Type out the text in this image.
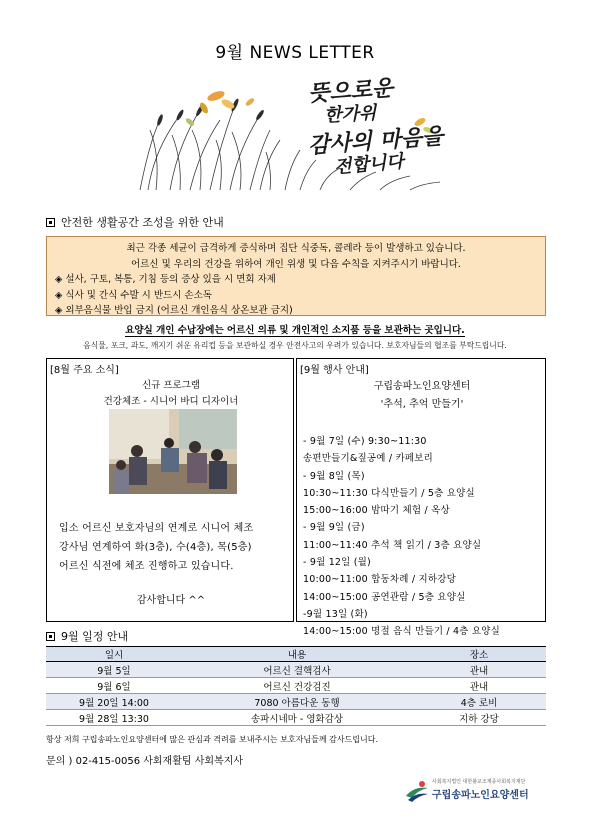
9월 NEWS LETTER
뜻으로운
한가위
감사의 마음을
전합니다
안전한 생활공간 조성을 위한 안내
최근 각종 세균이 급격하게 증식하며 집단 식중독, 콜레라 등이 발생하고 있습니다.
어르신 및 우리의 건강을 위하여 개인 위생 및 다음 수칙을 지켜주시기 바랍니다.
◈ 설사, 구토, 복통, 기침 등의 증상 있을 시 면회 자제
◈ 식사 및 간식 수발 시 반드시 손소독
◈ 외부음식물 반입 금지 (어르신 개인음식 상온보관 금지)
요양실 개인 수납장에는 어르신 의류 및 개인적인 소지품 등을 보관하는 곳입니다.
음식물, 포크, 과도, 깨지기 쉬운 유리컵 등을 보관하실 경우 안전사고의 우려가 있습니다. 보호자님들의 협조를 부탁드립니다.
[8월 주요 소식]
신규 프로그램
건강체조 - 시니어 바디 디자이너
입소 어르신 보호자님의 연계로 시니어 체조
강사님 연계하여 화(3층), 수(4층), 목(5층)
어르신 식전에 체조 진행하고 있습니다.
감사합니다 ^^
[9월 행사 안내]
구립송파노인요양센터
'추석, 추억 만들기'
- 9월 7일 (수) 9:30~11:30
송편만들기&짚공예 / 카페보리
- 9월 8일 (목)
10:30~11:30 다식만들기 / 5층 요양실
15:00~16:00 밤따기 체험 / 옥상
- 9월 9일 (금)
11:00~11:40 추석 책 읽기 / 3층 요양실
- 9월 12일 (월)
10:00~11:00 합동차례 / 지하강당
14:00~15:00 공연관람 / 5층 요양실
-9월 13일 (화)
14:00~15:00 명절 음식 만들기 / 4층 요양실
9월 일정 안내
일시	내용	장소
9월 5일	어르신 결핵검사	관내
9월 6일	어르신 건강검진	관내
9월 20일 14:00	7080 아름다운 동행	4층 로비
9월 28일 13:30	송파시네마 - 영화감상	지하 강당
항상 저희 구립송파노인요양센터에 많은 관심과 격려를 보내주시는 보호자님들께 감사드립니다.
문의 ) 02-415-0056 사회재활팀 사회복지사
사회복지법인 대한불교조계종사회복지재단
구립송파노인요양센터
